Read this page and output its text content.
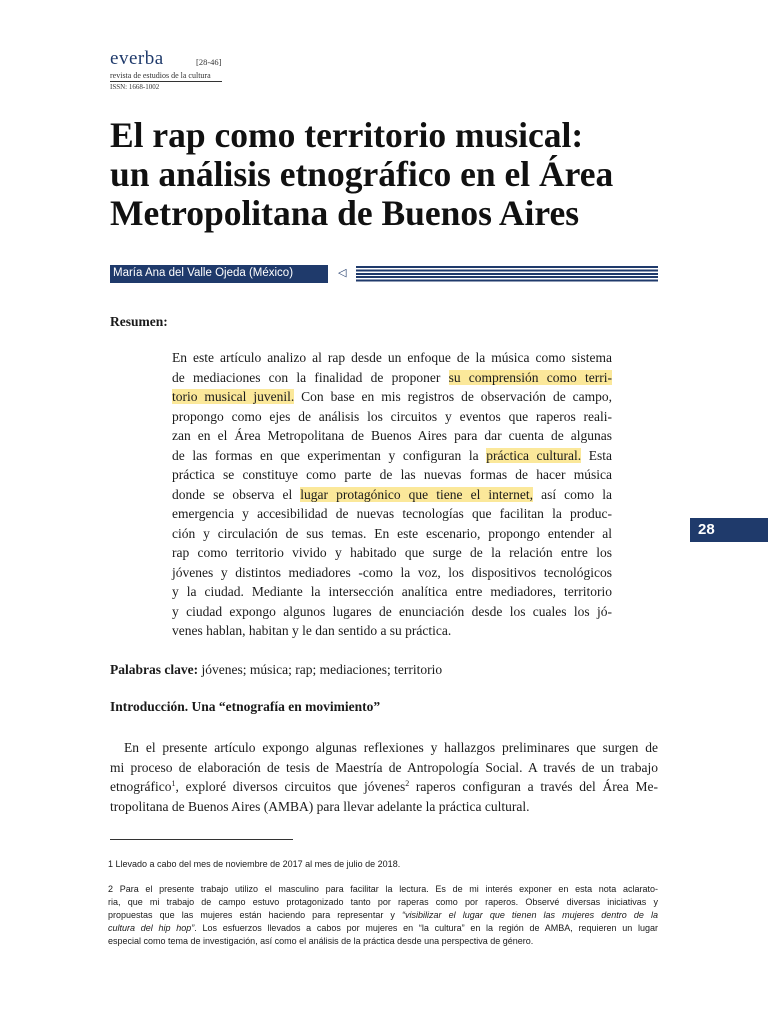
everba	[28-46]
revista de estudios de la cultura
ISSN: 1668-1002
El rap como territorio musical:
un análisis etnográfico en el Área
Metropolitana de Buenos Aires
María Ana del Valle Ojeda (México)	◁
Resumen:
En este artículo analizo al rap desde un enfoque de la música como sistema
de mediaciones con la finalidad de proponer su comprensión como terri-
torio musical juvenil. Con base en mis registros de observación de campo,
propongo como ejes de análisis los circuitos y eventos que raperos reali-
zan en el Área Metropolitana de Buenos Aires para dar cuenta de algunas
de las formas en que experimentan y configuran la práctica cultural. Esta
práctica se constituye como parte de las nuevas formas de hacer música
donde se observa el lugar protagónico que tiene el internet, así como la
emergencia y accesibilidad de nuevas tecnologías que facilitan la produc-
ción y circulación de sus temas. En este escenario, propongo entender al
rap como territorio vivido y habitado que surge de la relación entre los
jóvenes y distintos mediadores -como la voz, los dispositivos tecnológicos
y la ciudad. Mediante la intersección analítica entre mediadores, territorio
y ciudad expongo algunos lugares de enunciación desde los cuales los jó-
venes hablan, habitan y le dan sentido a su práctica.
Palabras clave: jóvenes; música; rap; mediaciones; territorio
Introducción. Una “etnografía en movimiento”
En el presente artículo expongo algunas reflexiones y hallazgos preliminares que surgen de
mi proceso de elaboración de tesis de Maestría de Antropología Social. A través de un trabajo
etnográfico$^1$, exploré diversos circuitos que jóvenes$^2$ raperos configuran a través del Área Me-
tropolitana de Buenos Aires (AMBA) para llevar adelante la práctica cultural.
1 Llevado a cabo del mes de noviembre de 2017 al mes de julio de 2018.
2 Para el presente trabajo utilizo el masculino para facilitar la lectura. Es de mi interés exponer en esta nota aclarato-
ria, que mi trabajo de campo estuvo protagonizado tanto por raperas como por raperos. Observé diversas iniciativas y
propuestas que las mujeres están haciendo para representar y “visibilizar el lugar que tienen las mujeres dentro de la
cultura del hip hop”. Los esfuerzos llevados a cabos por mujeres en “la cultura” en la región de AMBA, requieren un lugar
especial como tema de investigación, así como el análisis de la práctica desde una perspectiva de género.
28
